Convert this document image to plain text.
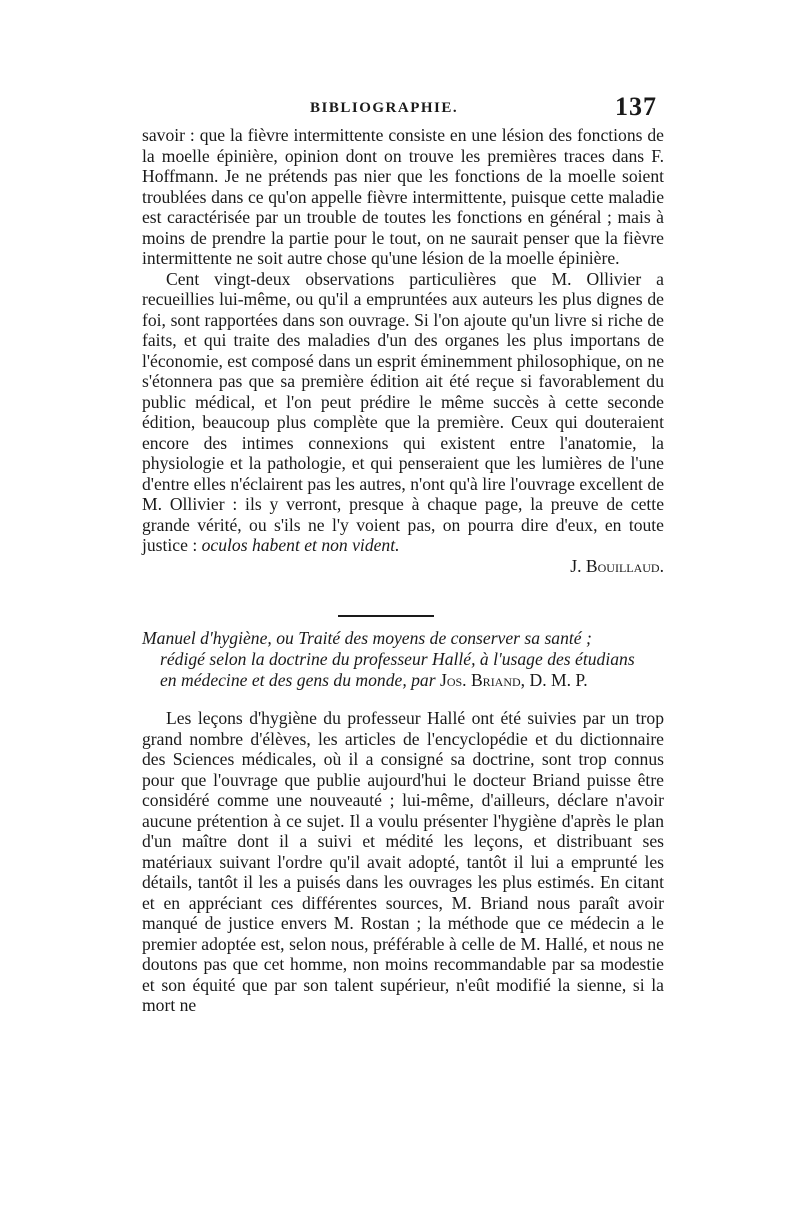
BIBLIOGRAPHIE.	137

savoir : que la fièvre intermittente consiste en une lésion des fonctions de la moelle épinière, opinion dont on trouve les premières traces dans F. Hoffmann. Je ne prétends pas nier que les fonctions de la moelle soient troublées dans ce qu'on appelle fièvre intermittente, puisque cette maladie est caractérisée par un trouble de toutes les fonctions en général ; mais à moins de prendre la partie pour le tout, on ne saurait penser que la fièvre intermittente ne soit autre chose qu'une lésion de la moelle épinière.

Cent vingt-deux observations particulières que M. Ollivier a recueillies lui-même, ou qu'il a empruntées aux auteurs les plus dignes de foi, sont rapportées dans son ouvrage. Si l'on ajoute qu'un livre si riche de faits, et qui traite des maladies d'un des organes les plus importans de l'économie, est composé dans un esprit éminemment philosophique, on ne s'étonnera pas que sa première édition ait été reçue si favorablement du public médical, et l'on peut prédire le même succès à cette seconde édition, beaucoup plus complète que la première. Ceux qui douteraient encore des intimes connexions qui existent entre l'anatomie, la physiologie et la pathologie, et qui penseraient que les lumières de l'une d'entre elles n'éclairent pas les autres, n'ont qu'à lire l'ouvrage excellent de M. Ollivier : ils y verront, presque à chaque page, la preuve de cette grande vérité, ou s'ils ne l'y voient pas, on pourra dire d'eux, en toute justice : oculos habent et non vident.

J. Bouillaud.
Manuel d'hygiène, ou Traité des moyens de conserver sa santé ;
rédigé selon la doctrine du professeur Hallé, à l'usage des étudians
en médecine et des gens du monde, par Jos. Briand, D. M. P.

Les leçons d'hygiène du professeur Hallé ont été suivies par un trop grand nombre d'élèves, les articles de l'encyclopédie et du dictionnaire des Sciences médicales, où il a consigné sa doctrine, sont trop connus pour que l'ouvrage que publie aujourd'hui le docteur Briand puisse être considéré comme une nouveauté ; lui-même, d'ailleurs, déclare n'avoir aucune prétention à ce sujet. Il a voulu présenter l'hygiène d'après le plan d'un maître dont il a suivi et médité les leçons, et distribuant ses matériaux suivant l'ordre qu'il avait adopté, tantôt il lui a emprunté les détails, tantôt il les a puisés dans les ouvrages les plus estimés. En citant et en appréciant ces différentes sources, M. Briand nous paraît avoir manqué de justice envers M. Rostan ; la méthode que ce médecin a le premier adoptée est, selon nous, préférable à celle de M. Hallé, et nous ne doutons pas que cet homme, non moins recommandable par sa modestie et son équité que par son talent supérieur, n'eût modifié la sienne, si la mort ne
